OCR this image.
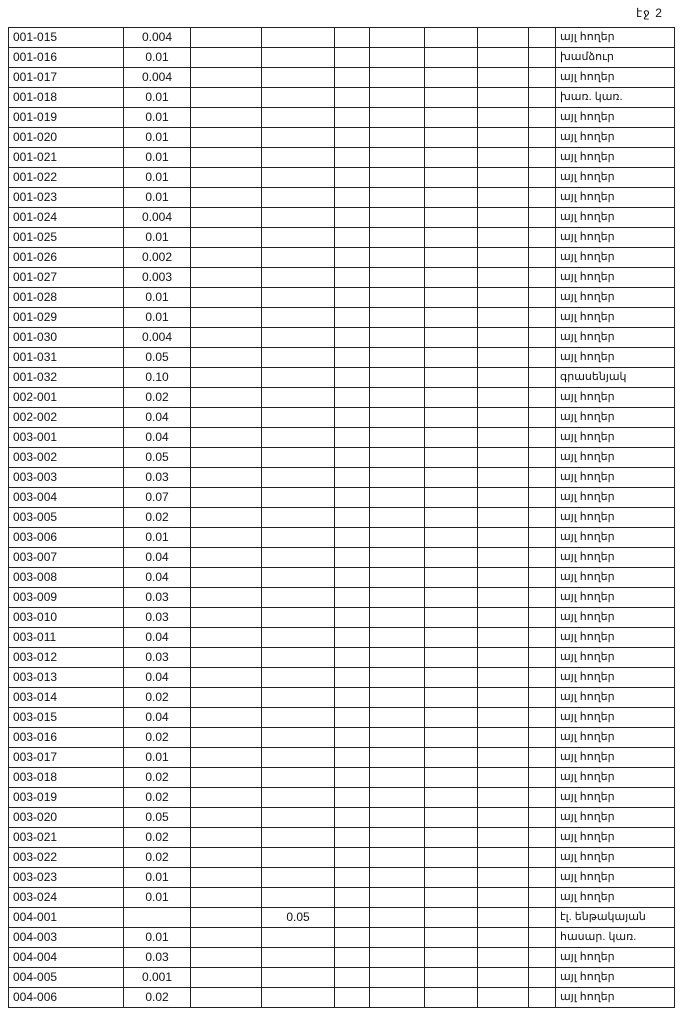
էջ 2
001-015	0.004								այլ հողեր
001-016	0.01								խամձուր
001-017	0.004								այլ հողեր
001-018	0.01								խառ. կառ.
001-019	0.01								այլ հողեր
001-020	0.01								այլ հողեր
001-021	0.01								այլ հողեր
001-022	0.01								այլ հողեր
001-023	0.01								այլ հողեր
001-024	0.004								այլ հողեր
001-025	0.01								այլ հողեր
001-026	0.002								այլ հողեր
001-027	0.003								այլ հողեր
001-028	0.01								այլ հողեր
001-029	0.01								այլ հողեր
001-030	0.004								այլ հողեր
001-031	0.05								այլ հողեր
001-032	0.10								գրասենյակ
002-001	0.02								այլ հողեր
002-002	0.04								այլ հողեր
003-001	0.04								այլ հողեր
003-002	0.05								այլ հողեր
003-003	0.03								այլ հողեր
003-004	0.07								այլ հողեր
003-005	0.02								այլ հողեր
003-006	0.01								այլ հողեր
003-007	0.04								այլ հողեր
003-008	0.04								այլ հողեր
003-009	0.03								այլ հողեր
003-010	0.03								այլ հողեր
003-011	0.04								այլ հողեր
003-012	0.03								այլ հողեր
003-013	0.04								այլ հողեր
003-014	0.02								այլ հողեր
003-015	0.04								այլ հողեր
003-016	0.02								այլ հողեր
003-017	0.01								այլ հողեր
003-018	0.02								այլ հողեր
003-019	0.02								այլ հողեր
003-020	0.05								այլ հողեր
003-021	0.02								այլ հողեր
003-022	0.02								այլ հողեր
003-023	0.01								այլ հողեր
003-024	0.01								այլ հողեր
004-001			0.05						էլ. ենթակայան
004-003	0.01								հասար. կառ.
004-004	0.03								այլ հողեր
004-005	0.001								այլ հողեր
004-006	0.02								այլ հողեր
